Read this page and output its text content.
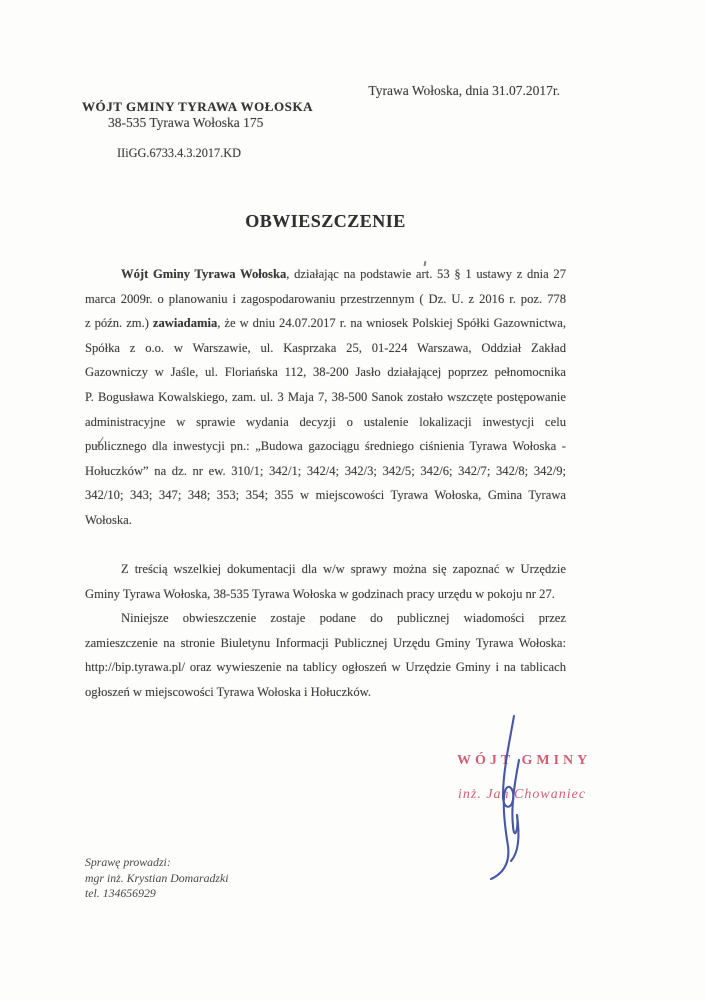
Tyrawa Wołoska, dnia 31.07.2017r.
WÓJT GMINY TYRAWA WOŁOSKA
38-535 Tyrawa Wołoska 175
IIiGG.6733.4.3.2017.KD
OBWIESZCZENIE
Wójt Gminy Tyrawa Wołoska, działając na podstawie art. 53 § 1 ustawy z dnia 27
marca 2009r. o planowaniu i zagospodarowaniu przestrzennym ( Dz. U. z 2016 r. poz. 778
z późn. zm.) zawiadamia, że w dniu 24.07.2017 r. na wniosek Polskiej Spółki Gazownictwa,
Spółka z o.o. w Warszawie, ul. Kasprzaka 25, 01-224 Warszawa, Oddział Zakład
Gazowniczy w Jaśle, ul. Floriańska 112, 38-200 Jasło działającej poprzez pełnomocnika
P. Bogusława Kowalskiego, zam. ul. 3 Maja 7, 38-500 Sanok zostało wszczęte postępowanie
administracyjne w sprawie wydania decyzji o ustalenie lokalizacji inwestycji celu
publicznego dla inwestycji pn.: „Budowa gazociągu średniego ciśnienia Tyrawa Wołoska -
Hołuczków” na dz. nr ew. 310/1; 342/1; 342/4; 342/3; 342/5; 342/6; 342/7; 342/8; 342/9;
342/10; 343; 347; 348; 353; 354; 355 w miejscowości Tyrawa Wołoska, Gmina Tyrawa
Wołoska.
Z treścią wszelkiej dokumentacji dla w/w sprawy można się zapoznać w Urzędzie
Gminy Tyrawa Wołoska, 38-535 Tyrawa Wołoska w godzinach pracy urzędu w pokoju nr 27.
Niniejsze obwieszczenie zostaje podane do publicznej wiadomości przez
zamieszczenie na stronie Biuletynu Informacji Publicznej Urzędu Gminy Tyrawa Wołoska:
http://bip.tyrawa.pl/ oraz wywieszenie na tablicy ogłoszeń w Urzędzie Gminy i na tablicach
ogłoszeń w miejscowości Tyrawa Wołoska i Hołuczków.
WÓJT GMINY
inż. Jan Chowaniec
Sprawę prowadzi:
mgr inż. Krystian Domaradzki
tel. 134656929
